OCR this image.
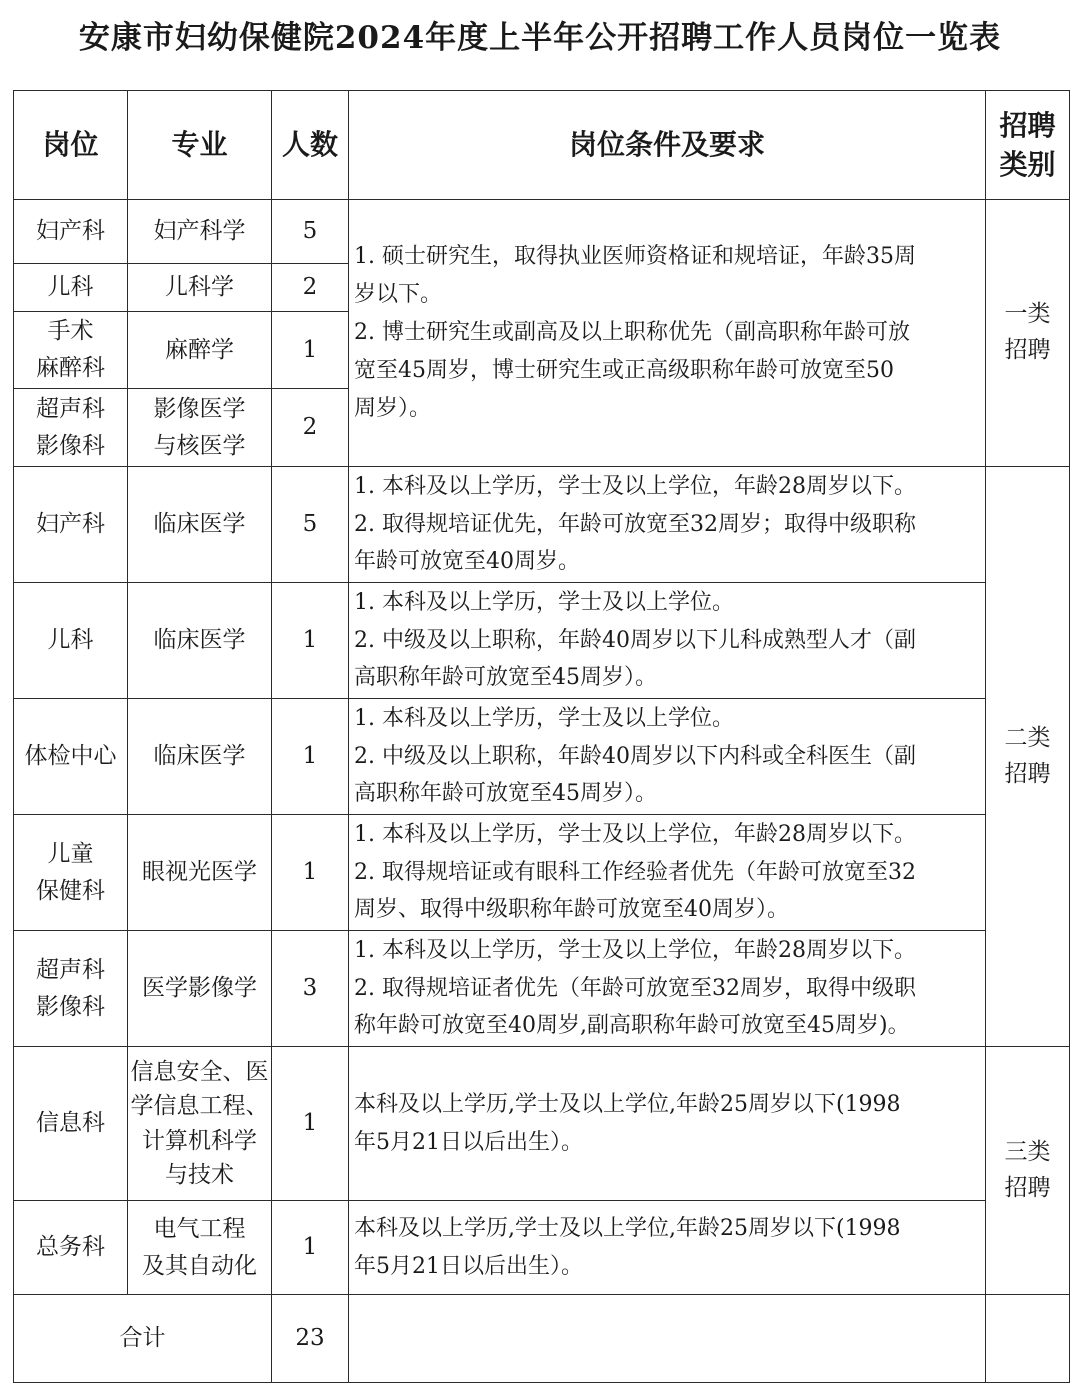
安康市妇幼保健院2024年度上半年公开招聘工作人员岗位一览表
岗位	专业	人数	岗位条件及要求	招聘
类别

妇产科	妇产科学	5	1. 硕士研究生，取得执业医师资格证和规培证，年龄35周
岁以下。
2. 博士研究生或副高及以上职称优先（副高职称年龄可放
宽至45周岁，博士研究生或正高级职称年龄可放宽至50
周岁）。	一类
招聘

儿科	儿科学	2		

手术
麻醉科	麻醉学	1		

超声科
影像科	影像医学
与核医学	2		
妇产科	临床医学	5	1. 本科及以上学历，学士及以上学位，年龄28周岁以下。
2. 取得规培证优先，年龄可放宽至32周岁；取得中级职称
年龄可放宽至40周岁。	二类
招聘

儿科	临床医学	1	1. 本科及以上学历，学士及以上学位。
2. 中级及以上职称，年龄40周岁以下儿科成熟型人才（副
高职称年龄可放宽至45周岁）。	

体检中心	临床医学	1	1. 本科及以上学历，学士及以上学位。
2. 中级及以上职称，年龄40周岁以下内科或全科医生（副
高职称年龄可放宽至45周岁）。	

儿童
保健科	眼视光医学	1	1. 本科及以上学历，学士及以上学位，年龄28周岁以下。
2. 取得规培证或有眼科工作经验者优先（年龄可放宽至32
周岁、取得中级职称年龄可放宽至40周岁）。	

超声科
影像科	医学影像学	3	1. 本科及以上学历，学士及以上学位，年龄28周岁以下。
2. 取得规培证者优先（年龄可放宽至32周岁，取得中级职
称年龄可放宽至40周岁,副高职称年龄可放宽至45周岁)。	

信息科	信息安全、医
学信息工程、
计算机科学
与技术	1	本科及以上学历,学士及以上学位,年龄25周岁以下(1998
年5月21日以后出生）。	三类
招聘

总务科	电气工程
及其自动化	1	本科及以上学历,学士及以上学位,年龄25周岁以下(1998
年5月21日以后出生）。	

合计		23		
